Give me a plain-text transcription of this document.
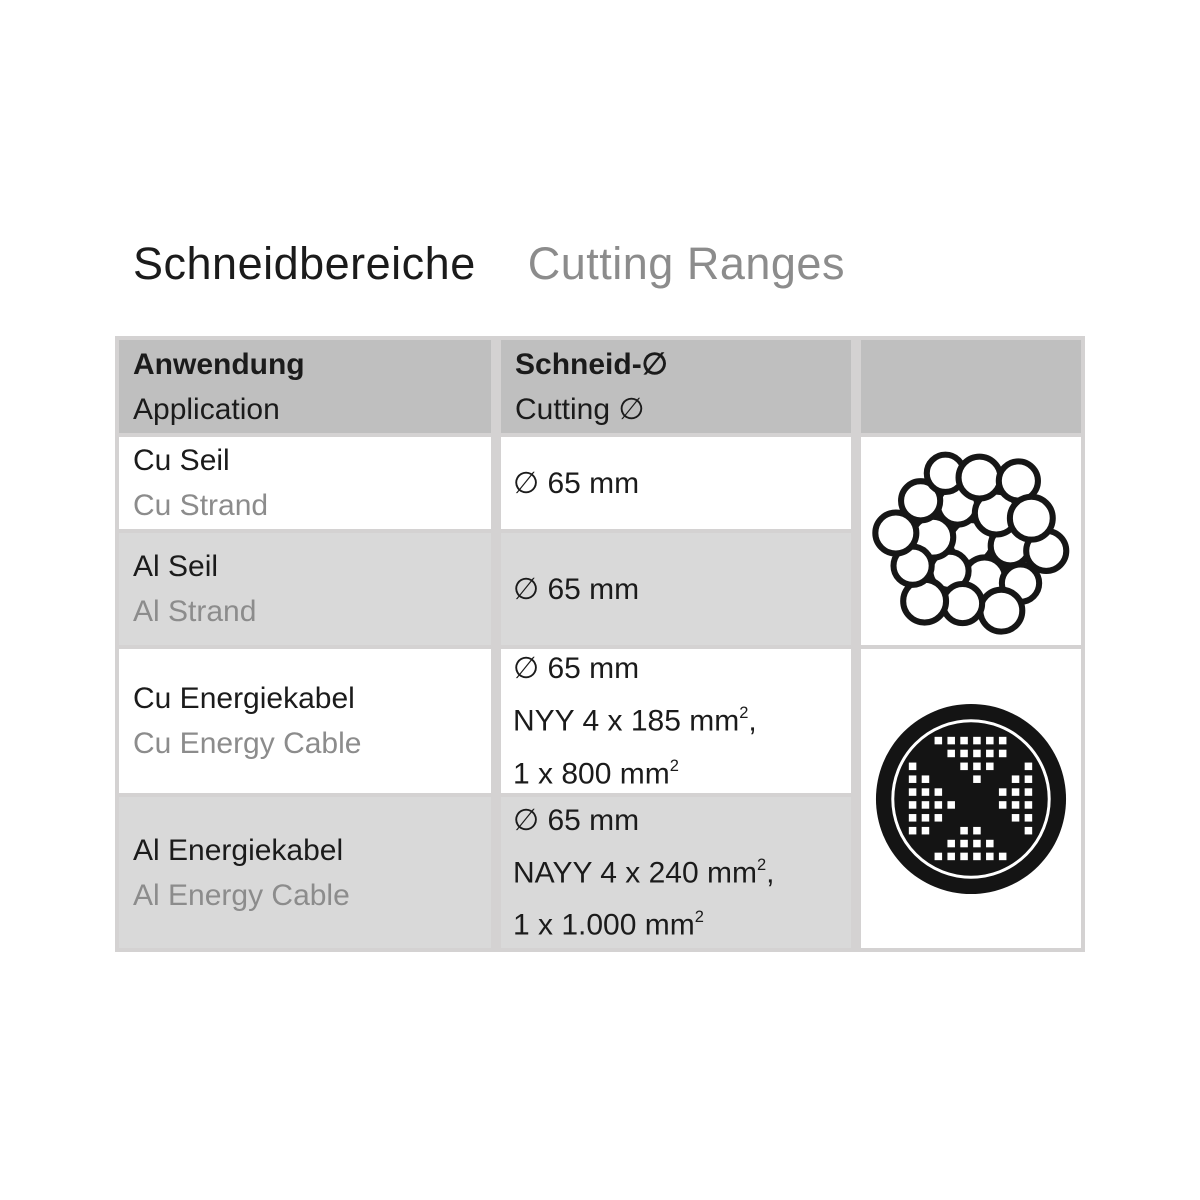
Schneidbereiche Cutting Ranges
Anwendung
Application
Schneid-∅
Cutting ∅
Cu Seil
Cu Strand
∅ 65 mm
Al Seil
Al Strand
∅ 65 mm
Cu Energiekabel
Cu Energy Cable
∅ 65 mm
NYY 4 x 185 $mm^2$,
1 x 800 $mm^2$
Al Energiekabel
Al Energy Cable
∅ 65 mm
NAYY 4 x 240 $mm^2$,
1 x 1.000 $mm^2$
